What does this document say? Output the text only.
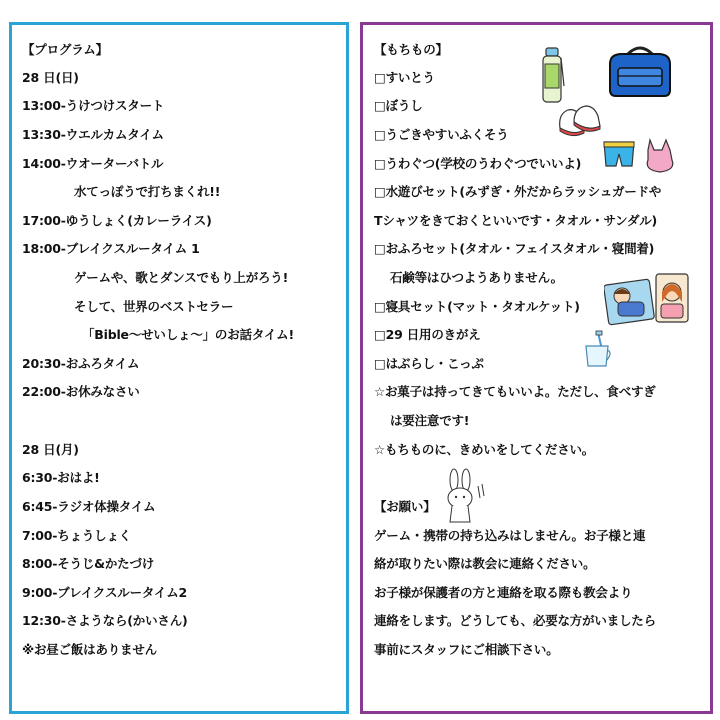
【プログラム】
28 日(日)
13:00-うけつけスタート
13:30-ウエルカムタイム
14:00-ウオーターバトル
水てっぽうで打ちまくれ!!
17:00-ゆうしょく(カレーライス)
18:00-ブレイクスルータイム 1
ゲームや、歌とダンスでもり上がろう!
そして、世界のベストセラー
「Bible～せいしょ～」のお話タイム!
20:30-おふろタイム
22:00-お休みなさい
28 日(月)
6:30-おはよ!
6:45-ラジオ体操タイム
7:00-ちょうしょく
8:00-そうじ&かたづけ
9:00-ブレイクスルータイム2
12:30-さようなら(かいさん)
※お昼ご飯はありません
【もちもの】
□すいとう
□ぼうし
□うごきやすいふくそう
□うわぐつ(学校のうわぐつでいいよ)
□水遊びセット(みずぎ・外だからラッシュガードや
Tシャツをきておくといいです・タオル・サンダル)
□おふろセット(タオル・フェイスタオル・寝間着)
石鹸等はひつようありません。
□寝具セット(マット・タオルケット)
□29 日用のきがえ
□はぶらし・こっぷ
☆お菓子は持ってきてもいいよ。ただし、食べすぎ
は要注意です!
☆もちものに、きめいをしてください。
【お願い】
ゲーム・携帯の持ち込みはしません。お子様と連
絡が取りたい際は教会に連絡ください。
お子様が保護者の方と連絡を取る際も教会より
連絡をします。どうしても、必要な方がいましたら
事前にスタッフにご相談下さい。
